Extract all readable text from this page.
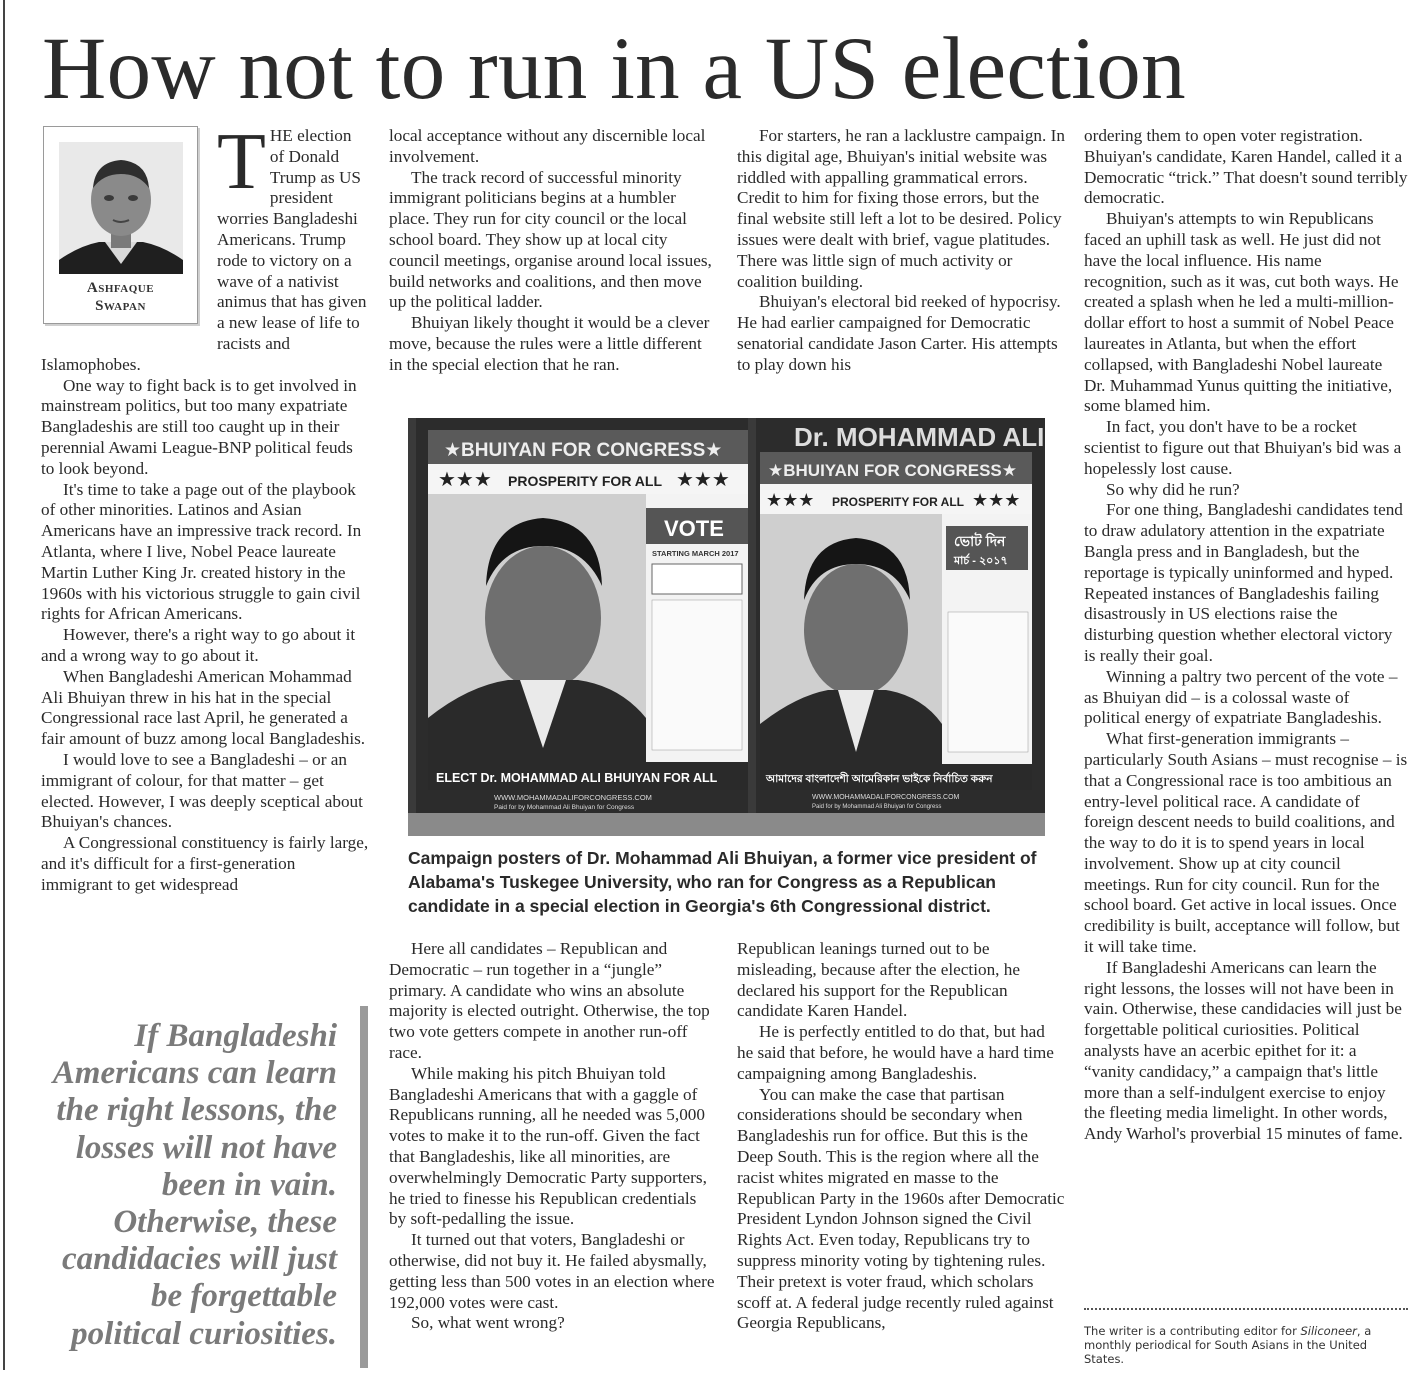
How not to run in a US election
Ashfaque
Swapan

THE election of Donald Trump as US president worries Bangladeshi Americans. Trump rode to victory on a wave of a nativist animus that has given a new lease of life to racists and Islamophobes.

One way to fight back is to get involved in mainstream politics, but too many expatriate Bangladeshis are still too caught up in their perennial Awami League-BNP political feuds to look beyond.

It's time to take a page out of the playbook of other minorities. Latinos and Asian Americans have an impressive track record. In Atlanta, where I live, Nobel Peace laureate Martin Luther King Jr. created history in the 1960s with his victorious struggle to gain civil rights for African Americans.

However, there's a right way to go about it and a wrong way to go about it.

When Bangladeshi American Mohammad Ali Bhuiyan threw in his hat in the special Congressional race last April, he generated a fair amount of buzz among local Bangladeshis.

I would love to see a Bangladeshi – or an immigrant of colour, for that matter – get elected. However, I was deeply sceptical about Bhuiyan's chances.

A Congressional constituency is fairly large, and it's difficult for a first-generation immigrant to get widespread

local acceptance without any discernible local involvement.

The track record of successful minority immigrant politicians begins at a humbler place. They run for city council or the local school board. They show up at local city council meetings, organise around local issues, build networks and coalitions, and then move up the political ladder.

Bhuiyan likely thought it would be a clever move, because the rules were a little different in the special election that he ran.

For starters, he ran a lacklustre campaign. In this digital age, Bhuiyan's initial website was riddled with appalling grammatical errors. Credit to him for fixing those errors, but the final website still left a lot to be desired. Policy issues were dealt with brief, vague platitudes. There was little sign of much activity or coalition building.

Bhuiyan's electoral bid reeked of hypocrisy. He had earlier campaigned for Democratic senatorial candidate Jason Carter. His attempts to play down his

★BHUIYAN FOR CONGRESS★
★★★ PROSPERITY FOR ALL ★★★
VOTE
STARTING MARCH 2017
ELECT Dr. MOHAMMAD ALI BHUIYAN FOR ALL
WWW.MOHAMMADALIFORCONGRESS.COM
Paid for by Mohammad Ali Bhuiyan for Congress
Dr. MOHAMMAD ALI
★BHUIYAN FOR CONGRESS★
★★★ PROSPERITY FOR ALL ★★★
ভোট দিন
মার্চ - ২০১৭
আমাদের বাংলাদেশী আমেরিকান ভাইকে নির্বাচিত করুন
WWW.MOHAMMADALIFORCONGRESS.COM
Paid for by Mohammad Ali Bhuiyan for Congress
Campaign posters of Dr. Mohammad Ali Bhuiyan, a former vice president of Alabama's Tuskegee University, who ran for Congress as a Republican candidate in a special election in Georgia's 6th Congressional district.

Here all candidates – Republican and Democratic – run together in a “jungle” primary. A candidate who wins an absolute majority is elected outright. Otherwise, the top two vote getters compete in another run-off race.

While making his pitch Bhuiyan told Bangladeshi Americans that with a gaggle of Republicans running, all he needed was 5,000 votes to make it to the run-off. Given the fact that Bangladeshis, like all minorities, are overwhelmingly Democratic Party supporters, he tried to finesse his Republican credentials by soft-pedalling the issue.

It turned out that voters, Bangladeshi or otherwise, did not buy it. He failed abysmally, getting less than 500 votes in an election where 192,000 votes were cast.

So, what went wrong?

Republican leanings turned out to be misleading, because after the election, he declared his support for the Republican candidate Karen Handel.

He is perfectly entitled to do that, but had he said that before, he would have a hard time campaigning among Bangladeshis.

You can make the case that partisan considerations should be secondary when Bangladeshis run for office. But this is the Deep South. This is the region where all the racist whites migrated en masse to the Republican Party in the 1960s after Democratic President Lyndon Johnson signed the Civil Rights Act. Even today, Republicans try to suppress minority voting by tightening rules. Their pretext is voter fraud, which scholars scoff at. A federal judge recently ruled against Georgia Republicans,

ordering them to open voter registration. Bhuiyan's candidate, Karen Handel, called it a Democratic “trick.” That doesn't sound terribly democratic.

Bhuiyan's attempts to win Republicans faced an uphill task as well. He just did not have the local influence. His name recognition, such as it was, cut both ways. He created a splash when he led a multi-million-dollar effort to host a summit of Nobel Peace laureates in Atlanta, but when the effort collapsed, with Bangladeshi Nobel laureate Dr. Muhammad Yunus quitting the initiative, some blamed him.

In fact, you don't have to be a rocket scientist to figure out that Bhuiyan's bid was a hopelessly lost cause.

So why did he run?

For one thing, Bangladeshi candidates tend to draw adulatory attention in the expatriate Bangla press and in Bangladesh, but the reportage is typically uninformed and hyped. Repeated instances of Bangladeshis failing disastrously in US elections raise the disturbing question whether electoral victory is really their goal.

Winning a paltry two percent of the vote – as Bhuiyan did – is a colossal waste of political energy of expatriate Bangladeshis.

What first-generation immigrants – particularly South Asians – must recognise – is that a Congressional race is too ambitious an entry-level political race. A candidate of foreign descent needs to build coalitions, and the way to do it is to spend years in local involvement. Show up at city council meetings. Run for city council. Run for the school board. Get active in local issues. Once credibility is built, acceptance will follow, but it will take time.

If Bangladeshi Americans can learn the right lessons, the losses will not have been in vain. Otherwise, these candidacies will just be forgettable political curiosities. Political analysts have an acerbic epithet for it: a “vanity candidacy,” a campaign that's little more than a self-indulgent exercise to enjoy the fleeting media limelight. In other words, Andy Warhol's proverbial 15 minutes of fame.

If Bangladeshi Americans can learn the right lessons, the losses will not have been in vain. Otherwise, these candidacies will just be forgettable political curiosities.	The writer is a contributing editor for Siliconeer, a monthly periodical for South Asians in the United States.
